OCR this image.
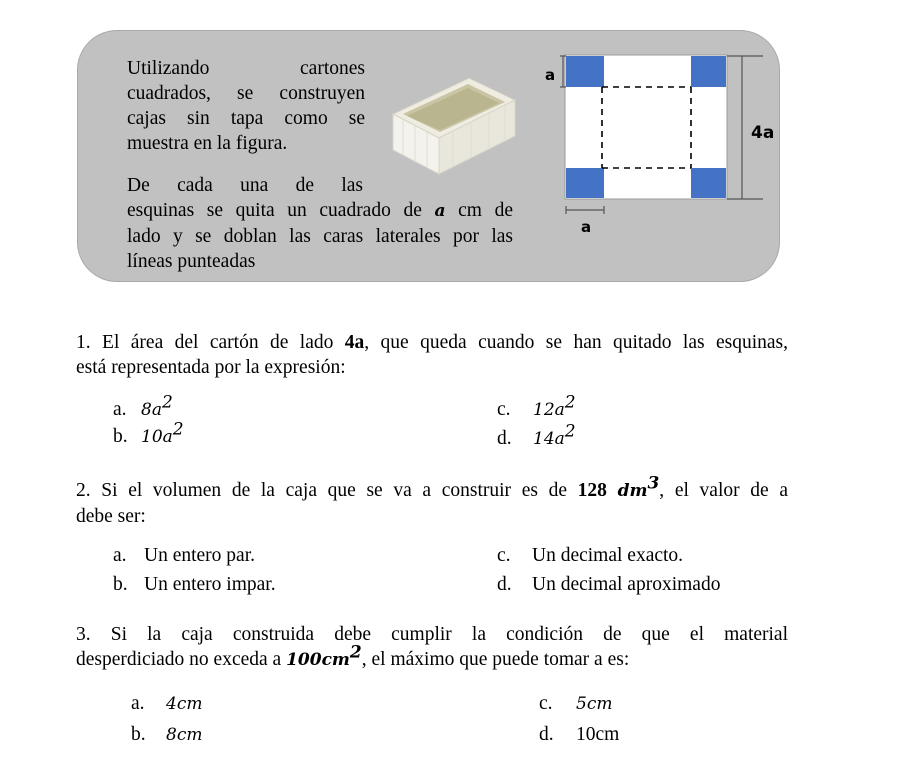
Utilizando cartones

cuadrados, se construyen

cajas sin tapa como se

muestra en la figura.

De cada una de las

esquinas se quita un cuadrado de a cm de

lado y se doblan las caras laterales por las

líneas punteadas

a
4a
a

1. El área del cartón de lado 4a, que queda cuando se han quitado las esquinas,

está representada por la expresión:

a. $8a^2$
b. $10a^2$
c. $12a^2$
d. $14a^2$

2. Si el volumen de la caja que se va a construir es de 128 $dm^3$, el valor de a

debe ser:

a. Un entero par.
b. Un entero impar.
c. Un decimal exacto.
d. Un decimal aproximado

3. Si la caja construida debe cumplir la condición de que el material

desperdiciado no exceda a $100cm^2$, el máximo que puede tomar a es:

a. 4cm
b. 8cm
c. 5cm
d. 10cm
